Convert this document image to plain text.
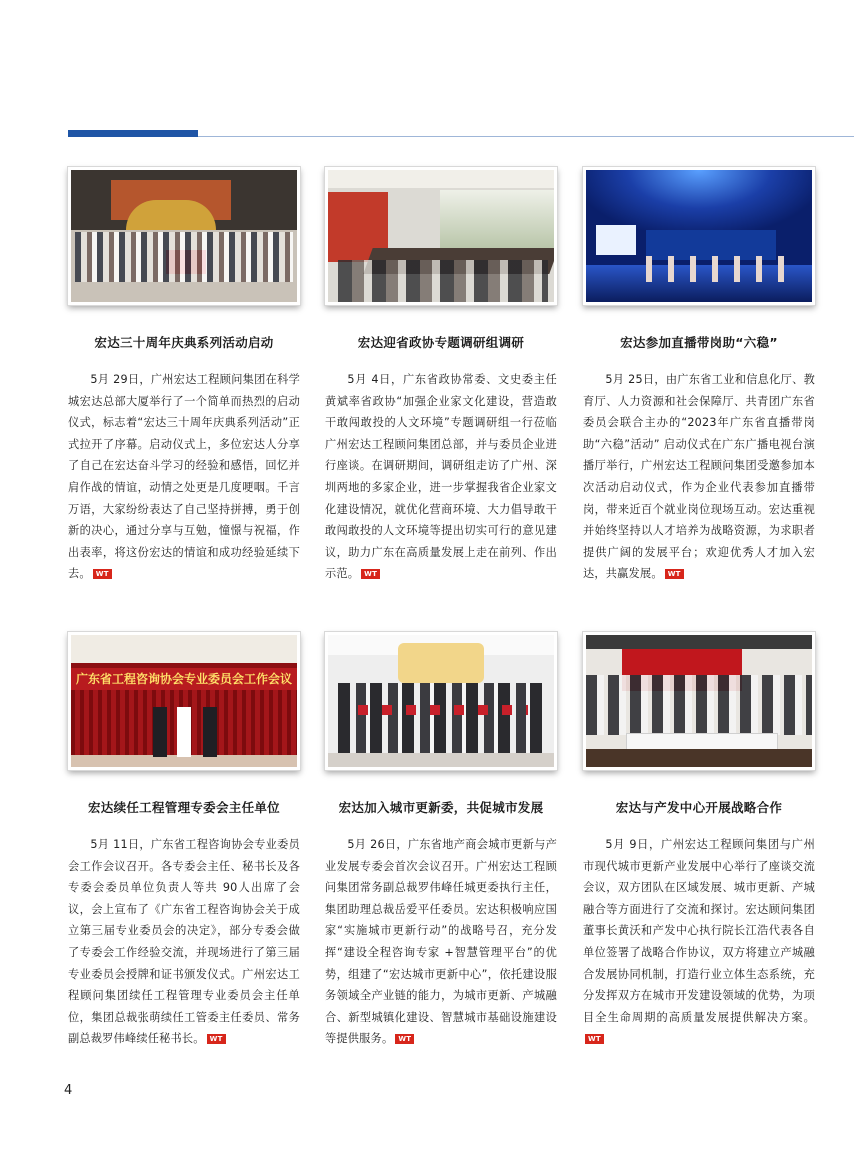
宏达三十周年庆典系列活动启动

5月 29日，广州宏达工程顾问集团在科学城宏达总部大厦举行了一个简单而热烈的启动仪式，标志着“宏达三十周年庆典系列活动”正式拉开了序幕。启动仪式上，多位宏达人分享了自己在宏达奋斗学习的经验和感悟，回忆并肩作战的情谊，动情之处更是几度哽咽。千言万语，大家纷纷表达了自己坚持拼搏，勇于创新的决心，通过分享与互勉，憧憬与祝福，作出表率，将这份宏达的情谊和成功经验延续下去。 WT

宏达迎省政协专题调研组调研

5月 4日，广东省政协常委、文史委主任黄斌率省政协“加强企业家文化建设，营造敢干敢闯敢投的人文环境”专题调研组一行莅临广州宏达工程顾问集团总部，并与委员企业进行座谈。在调研期间，调研组走访了广州、深圳两地的多家企业，进一步掌握我省企业家文化建设情况，就优化营商环境、大力倡导敢干敢闯敢投的人文环境等提出切实可行的意见建议，助力广东在高质量发展上走在前列、作出示范。 WT

宏达参加直播带岗助“六稳”

5月 25日，由广东省工业和信息化厅、教育厅、人力资源和社会保障厅、共青团广东省委员会联合主办的“2023年广东省直播带岗助“六稳”活动” 启动仪式在广东广播电视台演播厅举行，广州宏达工程顾问集团受邀参加本次活动启动仪式，作为企业代表参加直播带岗，带来近百个就业岗位现场互动。宏达重视并始终坚持以人才培养为战略资源，为求职者提供广阔的发展平台；欢迎优秀人才加入宏达，共赢发展。 WT

广东省工程咨询协会专业委员会工作会议
宏达续任工程管理专委会主任单位

5月 11日，广东省工程咨询协会专业委员会工作会议召开。各专委会主任、秘书长及各专委会委员单位负责人等共 90人出席了会议，会上宣布了《广东省工程咨询协会关于成立第三届专业委员会的决定》，部分专委会做了专委会工作经验交流，并现场进行了第三届专业委员会授牌和证书颁发仪式。广州宏达工程顾问集团续任工程管理专业委员会主任单位，集团总裁张萌续任工管委主任委员、常务副总裁罗伟峰续任秘书长。 WT

宏达加入城市更新委，共促城市发展

5月 26日，广东省地产商会城市更新与产业发展专委会首次会议召开。广州宏达工程顾问集团常务副总裁罗伟峰任城更委执行主任，集团助理总裁岳爱平任委员。宏达积极响应国家“实施城市更新行动”的战略号召，充分发挥“建设全程咨询专家 +智慧管理平台”的优势，组建了“宏达城市更新中心”，依托建设服务领域全产业链的能力，为城市更新、产城融合、新型城镇化建设、智慧城市基础设施建设等提供服务。 WT

宏达与产发中心开展战略合作

5月 9日，广州宏达工程顾问集团与广州市现代城市更新产业发展中心举行了座谈交流会议，双方团队在区域发展、城市更新、产城融合等方面进行了交流和探讨。宏达顾问集团董事长黄沃和产发中心执行院长江浩代表各自单位签署了战略合作协议，双方将建立产城融合发展协同机制，打造行业立体生态系统，充分发挥双方在城市开发建设领域的优势，为项目全生命周期的高质量发展提供解决方案。WT

4
